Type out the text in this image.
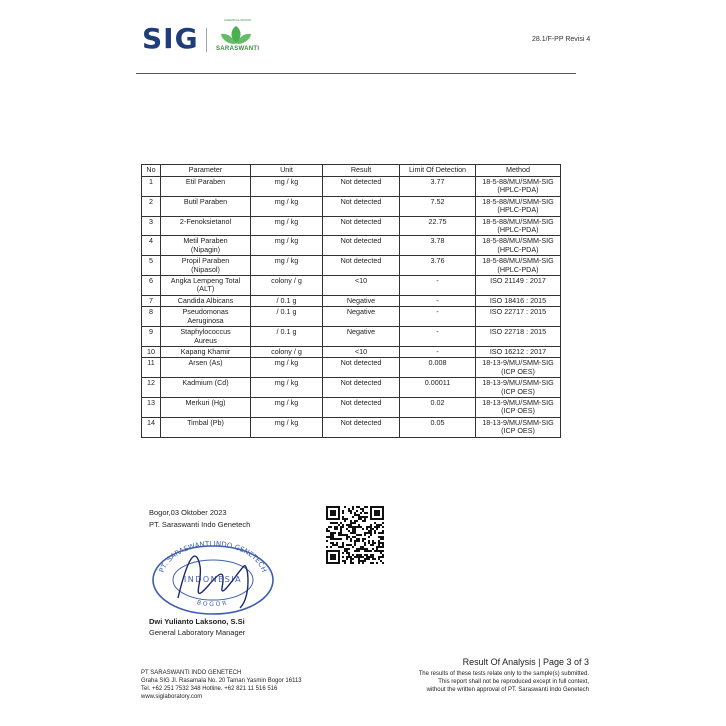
SIG
CHEMICAL GROUP
SARASWANTI
28.1/F-PP Revisi 4
No	Parameter	Unit	Result	Limit Of Detection	Method
1	Etil Paraben	mg / kg	Not detected	3.77	18-5-88/MU/SMM-SIG
(HPLC-PDA)
2	Butil Paraben	mg / kg	Not detected	7.52	18-5-88/MU/SMM-SIG
(HPLC-PDA)
3	2-Fenoksietanol	mg / kg	Not detected	22.75	18-5-88/MU/SMM-SIG
(HPLC-PDA)
4	Metil Paraben
(Nipagin)	mg / kg	Not detected	3.78	18-5-88/MU/SMM-SIG
(HPLC-PDA)
5	Propil Paraben
(Nipasol)	mg / kg	Not detected	3.76	18-5-88/MU/SMM-SIG
(HPLC-PDA)
6	Angka Lempeng Total
(ALT)	colony / g	<10	-	ISO 21149 : 2017
7	Candida Albicans	/ 0.1 g	Negative	-	ISO 18416 : 2015
8	Pseudomonas
Aeruginosa	/ 0.1 g	Negative	-	ISO 22717 : 2015
9	Staphylococcus
Aureus	/ 0.1 g	Negative	-	ISO 22718 : 2015
10	Kapang Khamir	colony / g	<10	-	ISO 16212 : 2017
11	Arsen (As)	mg / kg	Not detected	0.008	18-13-9/MU/SMM-SIG
(ICP OES)
12	Kadmium (Cd)	mg / kg	Not detected	0.00011	18-13-9/MU/SMM-SIG
(ICP OES)
13	Merkuri (Hg)	mg / kg	Not detected	0.02	18-13-9/MU/SMM-SIG
(ICP OES)
14	Timbal (Pb)	mg / kg	Not detected	0.05	18-13-9/MU/SMM-SIG
(ICP OES)
Bogor,03 Oktober 2023
PT. Saraswanti Indo Genetech
PT. SARASWANTI INDO GENETECH
INDONESIA
BOGOR
Dwi Yulianto Laksono, S.Si
General Laboratory Manager
PT SARASWANTI INDO GENETECH
Graha SIG Jl. Rasamala No. 20 Taman Yasmin Bogor 16113
Tel. +62 251 7532 348 Hotline. +62 821 11 516 516
www.siglaboratory.com
Result Of Analysis | Page 3 of 3
The results of these tests relate only to the sample(s) submitted.
This report shall not be reproduced except in full context,
without the written approval of PT. Saraswanti Indo Genetech
